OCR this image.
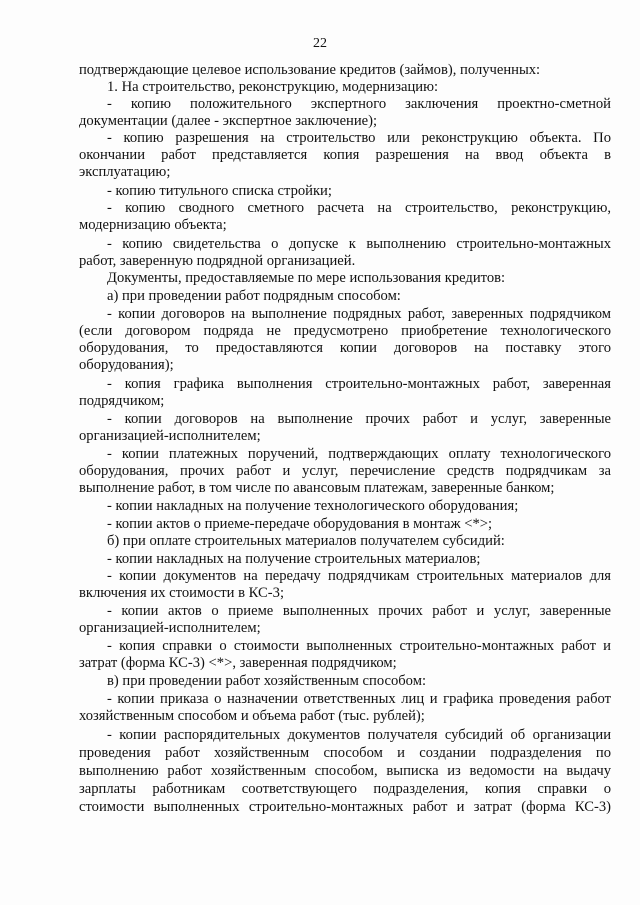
22
подтверждающие целевое использование кредитов (займов), полученных:
1. На строительство, реконструкцию, модернизацию:
- копию положительного экспертного заключения проектно-сметной
документации (далее - экспертное заключение);
- копию разрешения на строительство или реконструкцию объекта. По
окончании работ представляется копия разрешения на ввод объекта в
эксплуатацию;
- копию титульного списка стройки;
- копию сводного сметного расчета на строительство, реконструкцию,
модернизацию объекта;
- копию свидетельства о допуске к выполнению строительно-монтажных
работ, заверенную подрядной организацией.
Документы, предоставляемые по мере использования кредитов:
а) при проведении работ подрядным способом:
- копии договоров на выполнение подрядных работ, заверенных подрядчиком
(если договором подряда не предусмотрено приобретение технологического
оборудования, то предоставляются копии договоров на поставку этого
оборудования);
- копия графика выполнения строительно-монтажных работ, заверенная
подрядчиком;
- копии договоров на выполнение прочих работ и услуг, заверенные
организацией-исполнителем;
- копии платежных поручений, подтверждающих оплату технологического
оборудования, прочих работ и услуг, перечисление средств подрядчикам за
выполнение работ, в том числе по авансовым платежам, заверенные банком;
- копии накладных на получение технологического оборудования;
- копии актов о приеме-передаче оборудования в монтаж <*>;
б) при оплате строительных материалов получателем субсидий:
- копии накладных на получение строительных материалов;
- копии документов на передачу подрядчикам строительных материалов для
включения их стоимости в КС-3;
- копии актов о приеме выполненных прочих работ и услуг, заверенные
организацией-исполнителем;
- копия справки о стоимости выполненных строительно-монтажных работ и
затрат (форма КС-3) <*>, заверенная подрядчиком;
в) при проведении работ хозяйственным способом:
- копии приказа о назначении ответственных лиц и графика проведения работ
хозяйственным способом и объема работ (тыс. рублей);
- копии распорядительных документов получателя субсидий об организации
проведения работ хозяйственным способом и создании подразделения по
выполнению работ хозяйственным способом, выписка из ведомости на выдачу
зарплаты работникам соответствующего подразделения, копия справки о
стоимости выполненных строительно-монтажных работ и затрат (форма КС-3)
